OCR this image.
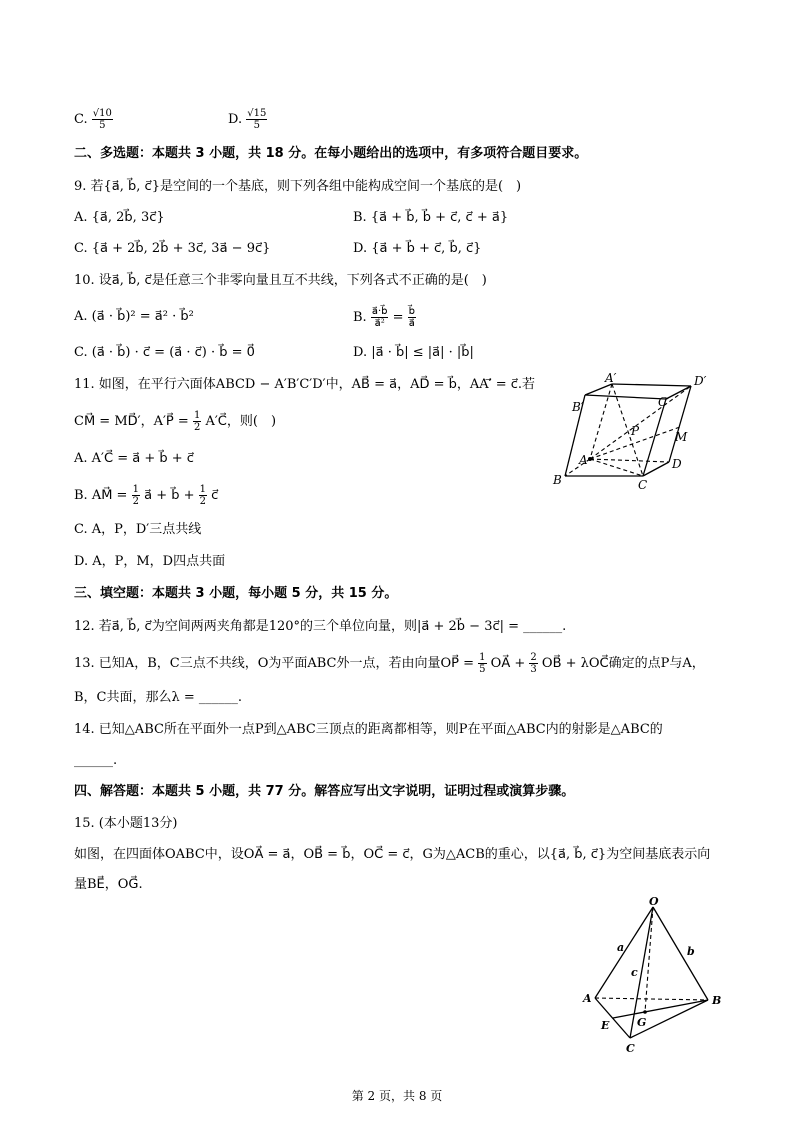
C. $\frac{√10}{5}$	D. $\frac{√15}{5}$
二、多选题：本题共 3 小题，共 18 分。在每小题给出的选项中，有多项符合题目要求。
9. 若{a⃗, b⃗, c⃗}是空间的一个基底，则下列各组中能构成空间一个基底的是(　)
A. {a⃗, 2b⃗, 3c⃗}	B. {a⃗ + b⃗, b⃗ + c⃗, c⃗ + a⃗}
C. {a⃗ + 2b⃗, 2b⃗ + 3c⃗, 3a⃗ − 9c⃗}	D. {a⃗ + b⃗ + c⃗, b⃗, c⃗}
10. 设a⃗, b⃗, c⃗是任意三个非零向量且互不共线，下列各式不正确的是(　)
A. (a⃗ · b⃗)² = a⃗² · b⃗²	B. $\frac{a⃗\cdot b⃗}{\text{a⃗²}} = \frac{b⃗}{a⃗}$
C. (a⃗ · b⃗) · c⃗ = (a⃗ · c⃗) · b⃗ = 0⃗	D. |a⃗ · b⃗| ≤ |a⃗| · |b⃗|
11. 如图，在平行六面体ABCD − A′B′C′D′中，AB⃗ = a⃗，AD⃗ = b⃗，AA′⃗ = c⃗.若
CM⃗ = MD⃗′，A′P⃗ = $\frac{1}{2}$ A′C⃗，则(　)
A. A′C⃗ = a⃗ + b⃗ + c⃗
B. AM⃗ = $\frac{1}{2}$ a⃗ + b⃗ + $\frac{1}{2}$ c⃗
C. A，P，D′三点共线
D. A，P，M，D四点共面
A′	D′
B′	C′
P	M
A	D
B	C
三、填空题：本题共 3 小题，每小题 5 分，共 15 分。
12. 若a⃗, b⃗, c⃗为空间两两夹角都是120°的三个单位向量，则|a⃗ + 2b⃗ − 3c⃗| = ______.
13. 已知A，B，C三点不共线，O为平面ABC外一点，若由向量OP⃗ = $\frac{1}{5}$ OA⃗ + $\frac{2}{3}$ OB⃗ + λOC⃗确定的点P与A，
B，C共面，那么λ = ______.
14. 已知△ABC所在平面外一点P到△ABC三顶点的距离都相等，则P在平面△ABC内的射影是△ABC的
______.
四、解答题：本题共 5 小题，共 77 分。解答应写出文字说明，证明过程或演算步骤。
15. (本小题13分)
如图，在四面体OABC中，设OA⃗ = a⃗，OB⃗ = b⃗，OC⃗ = c⃗，G为△ACB的重心，以{a⃗, b⃗, c⃗}为空间基底表示向
量BE⃗，OG⃗.
O
a	b
c
A	B
E	G
C
第 2 页，共 8 页
